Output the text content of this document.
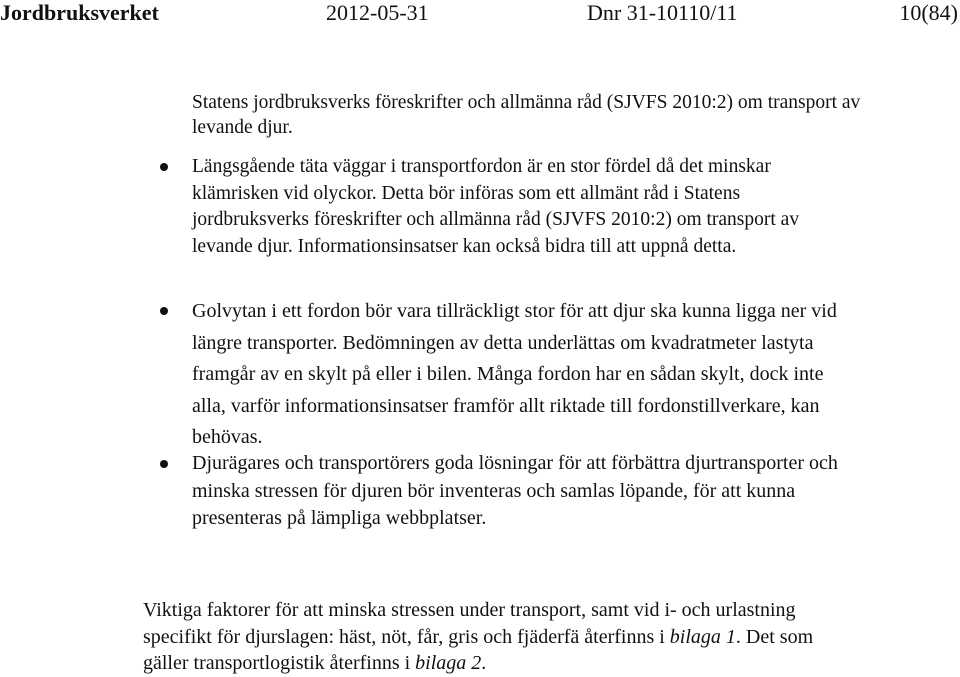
Jordbruksverket	2012-05-31	Dnr 31-10110/11	10(84)

Statens jordbruksverks föreskrifter och allmänna råd (SJVFS 2010:2) om transport av levande djur.

Längsgående täta väggar i transportfordon är en stor fördel då det minskar klämrisken vid olyckor. Detta bör införas som ett allmänt råd i Statens jordbruksverks föreskrifter och allmänna råd (SJVFS 2010:2) om transport av levande djur. Informationsinsatser kan också bidra till att uppnå detta.

Golvytan i ett fordon bör vara tillräckligt stor för att djur ska kunna ligga ner vid längre transporter. Bedömningen av detta underlättas om kvadratmeter lastyta framgår av en skylt på eller i bilen. Många fordon har en sådan skylt, dock inte alla, varför informationsinsatser framför allt riktade till fordonstillverkare, kan behövas.

Djurägares och transportörers goda lösningar för att förbättra djurtransporter och minska stressen för djuren bör inventeras och samlas löpande, för att kunna presenteras på lämpliga webbplatser.

Viktiga faktorer för att minska stressen under transport, samt vid i- och urlastning specifikt för djurslagen: häst, nöt, får, gris och fjäderfä återfinns i bilaga 1. Det som gäller transportlogistik återfinns i bilaga 2.
